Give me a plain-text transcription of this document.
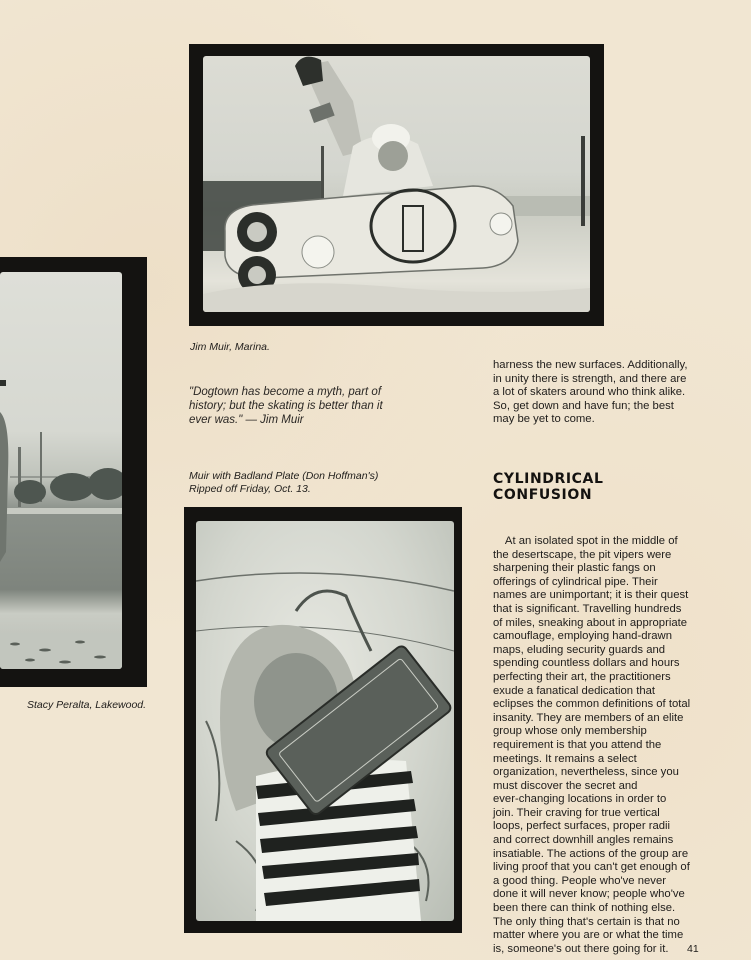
Jim Muir, Marina.
Stacy Peralta, Lakewood.
"Dogtown has become a myth, part of
history; but the skating is better than it
ever was." — Jim Muir
Muir with Badland Plate (Don Hoffman's)
Ripped off Friday, Oct. 13.
harness the new surfaces. Additionally,
in unity there is strength, and there are
a lot of skaters around who think alike.
So, get down and have fun; the best
may be yet to come.
CYLINDRICAL
CONFUSION
At an isolated spot in the middle of
the desertscape, the pit vipers were
sharpening their plastic fangs on
offerings of cylindrical pipe. Their
names are unimportant; it is their quest
that is significant. Travelling hundreds
of miles, sneaking about in appropriate
camouflage, employing hand-drawn
maps, eluding security guards and
spending countless dollars and hours
perfecting their art, the practitioners
exude a fanatical dedication that
eclipses the common definitions of total
insanity. They are members of an elite
group whose only membership
requirement is that you attend the
meetings. It remains a select
organization, nevertheless, since you
must discover the secret and
ever-changing locations in order to
join. Their craving for true vertical
loops, perfect surfaces, proper radii
and correct downhill angles remains
insatiable. The actions of the group are
living proof that you can't get enough of
a good thing. People who've never
done it will never know; people who've
been there can think of nothing else.
The only thing that's certain is that no
matter where you are or what the time
is, someone's out there going for it.	41
